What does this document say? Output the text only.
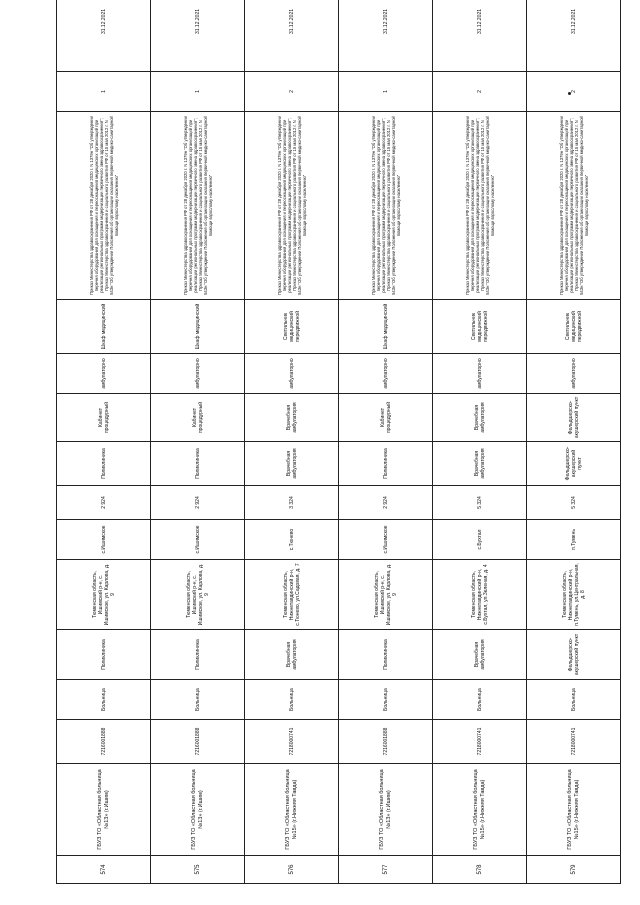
574	ГБУЗ ТО «Областная больница №13» (г.Ишим)	7216001888	Больница	Поликлиника	Тюменская область, Ишимский р-н, с. Ишимское, ул. Карлова, д. 9	с.Ишимское	2 924	Поликлиника	Кабинет процедурный	амбулаторно	Шкаф медицинский	Приказ Министерства здравоохранения РФ от 28 декабря 2020 г. N 1379н "Об утверждении перечня оборудования для оснащения и переоснащения медицинских организаций при реализации региональных программ модернизации первичного звена здравоохранения"; Приказ Министерства здравоохранения и социального развития РФ от 15 мая 2012 г. N 543н "Об утверждении Положения об организации оказания первичной медико-санитарной помощи взрослому населению"	1	31.12.2021
575	ГБУЗ ТО «Областная больница №13» (г.Ишим)	7216001888	Больница	Поликлиника	Тюменская область, Ишимский р-н, с. Ишимское, ул. Карлова, д. 9	с.Ишимское	2 924	Поликлиника	Кабинет процедурный	амбулаторно	Шкаф медицинский	Приказ Министерства здравоохранения РФ от 28 декабря 2020 г. N 1379н "Об утверждении перечня оборудования для оснащения и переоснащения медицинских организаций при реализации региональных программ модернизации первичного звена здравоохранения"; Приказ Министерства здравоохранения и социального развития РФ от 15 мая 2012 г. N 543н "Об утверждении Положения об организации оказания первичной медико-санитарной помощи взрослому населению"	1	31.12.2021
576	ГБУЗ ТО «Областная больница №15» (г.Нижняя Тавда)	7218000741	Больница	Врачебная амбулатория	Тюменская область, Нижнетавдинский р-н, с.Тюнево, ул.Садовая, д. 7	с.Тюнево	3 324	Врачебная амбулатория	Врачебная амбулатория	амбулаторно	Светильник медицинский передвижной	Приказ Министерства здравоохранения РФ от 28 декабря 2020 г. N 1379н "Об утверждении перечня оборудования для оснащения и переоснащения медицинских организаций при реализации региональных программ модернизации первичного звена здравоохранения"; Приказ Министерства здравоохранения и социального развития РФ от 15 мая 2012 г. N 543н "Об утверждении Положения об организации оказания первичной медико-санитарной помощи взрослому населению"	2	31.12.2021
577	ГБУЗ ТО «Областная больница №13» (г.Ишим)	7216001888	Больница	Поликлиника	Тюменская область, Ишимский р-н, с. Ишимское, ул. Карлова, д. 9	с.Ишимское	2 924	Поликлиника	Кабинет процедурный	амбулаторно	Шкаф медицинский	Приказ Министерства здравоохранения РФ от 28 декабря 2020 г. N 1379н "Об утверждении перечня оборудования для оснащения и переоснащения медицинских организаций при реализации региональных программ модернизации первичного звена здравоохранения"; Приказ Министерства здравоохранения и социального развития РФ от 15 мая 2012 г. N 543н "Об утверждении Положения об организации оказания первичной медико-санитарной помощи взрослому населению"	1	31.12.2021
578	ГБУЗ ТО «Областная больница №15» (г.Нижняя Тавда)	7218000741	Больница	Врачебная амбулатория	Тюменская область, Нижнетавдинский р-н, с.Бухтал, ул.Зеленая, д. 4	с.Бухтал	5 324	Врачебная амбулатория	Врачебная амбулатория	амбулаторно	Светильник медицинский передвижной	Приказ Министерства здравоохранения РФ от 28 декабря 2020 г. N 1379н "Об утверждении перечня оборудования для оснащения и переоснащения медицинских организаций при реализации региональных программ модернизации первичного звена здравоохранения"; Приказ Министерства здравоохранения и социального развития РФ от 15 мая 2012 г. N 543н "Об утверждении Положения об организации оказания первичной медико-санитарной помощи взрослому населению"	2	31.12.2021
579	ГБУЗ ТО «Областная больница №15» (г.Нижняя Тавда)	7218000741	Больница	Фельдшерско-акушерский пункт	Тюменская область, Нижнетавдинский р-н, п.Тумень, ул.Центральная, д. 8	п.Тумень	5 324	Фельдшерско-акушерский пункт	Фельдшерско-акушерский пункт	амбулаторно	Светильник медицинский передвижной	Приказ Министерства здравоохранения РФ от 28 декабря 2020 г. N 1379н "Об утверждении перечня оборудования для оснащения и переоснащения медицинских организаций при реализации региональных программ модернизации первичного звена здравоохранения"; Приказ Министерства здравоохранения и социального развития РФ от 15 мая 2012 г. N 543н "Об утверждении Положения об организации оказания первичной медико-санитарной помощи взрослому населению"	2	31.12.2021
